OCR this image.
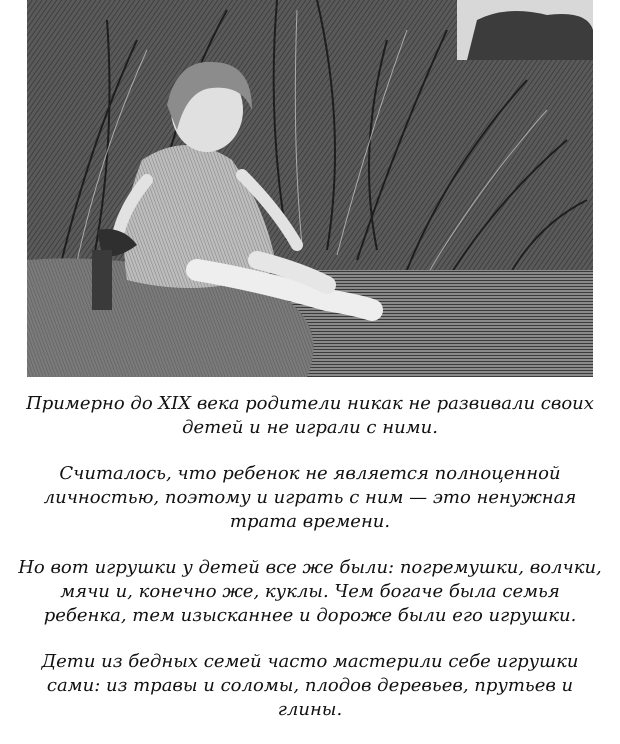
Примерно до XIX века родители никак не развивали своих
детей и не играли с ними.

Считалось, что ребенок не является полноценной
личностью, поэтому и играть с ним — это ненужная
трата времени.

Но вот игрушки у детей все же были: погремушки, волчки,
мячи и, конечно же, куклы. Чем богаче была семья
ребенка, тем изысканнее и дороже были его игрушки.

Дети из бедных семей часто мастерили себе игрушки
сами: из травы и соломы, плодов деревьев, прутьев и
глины.
